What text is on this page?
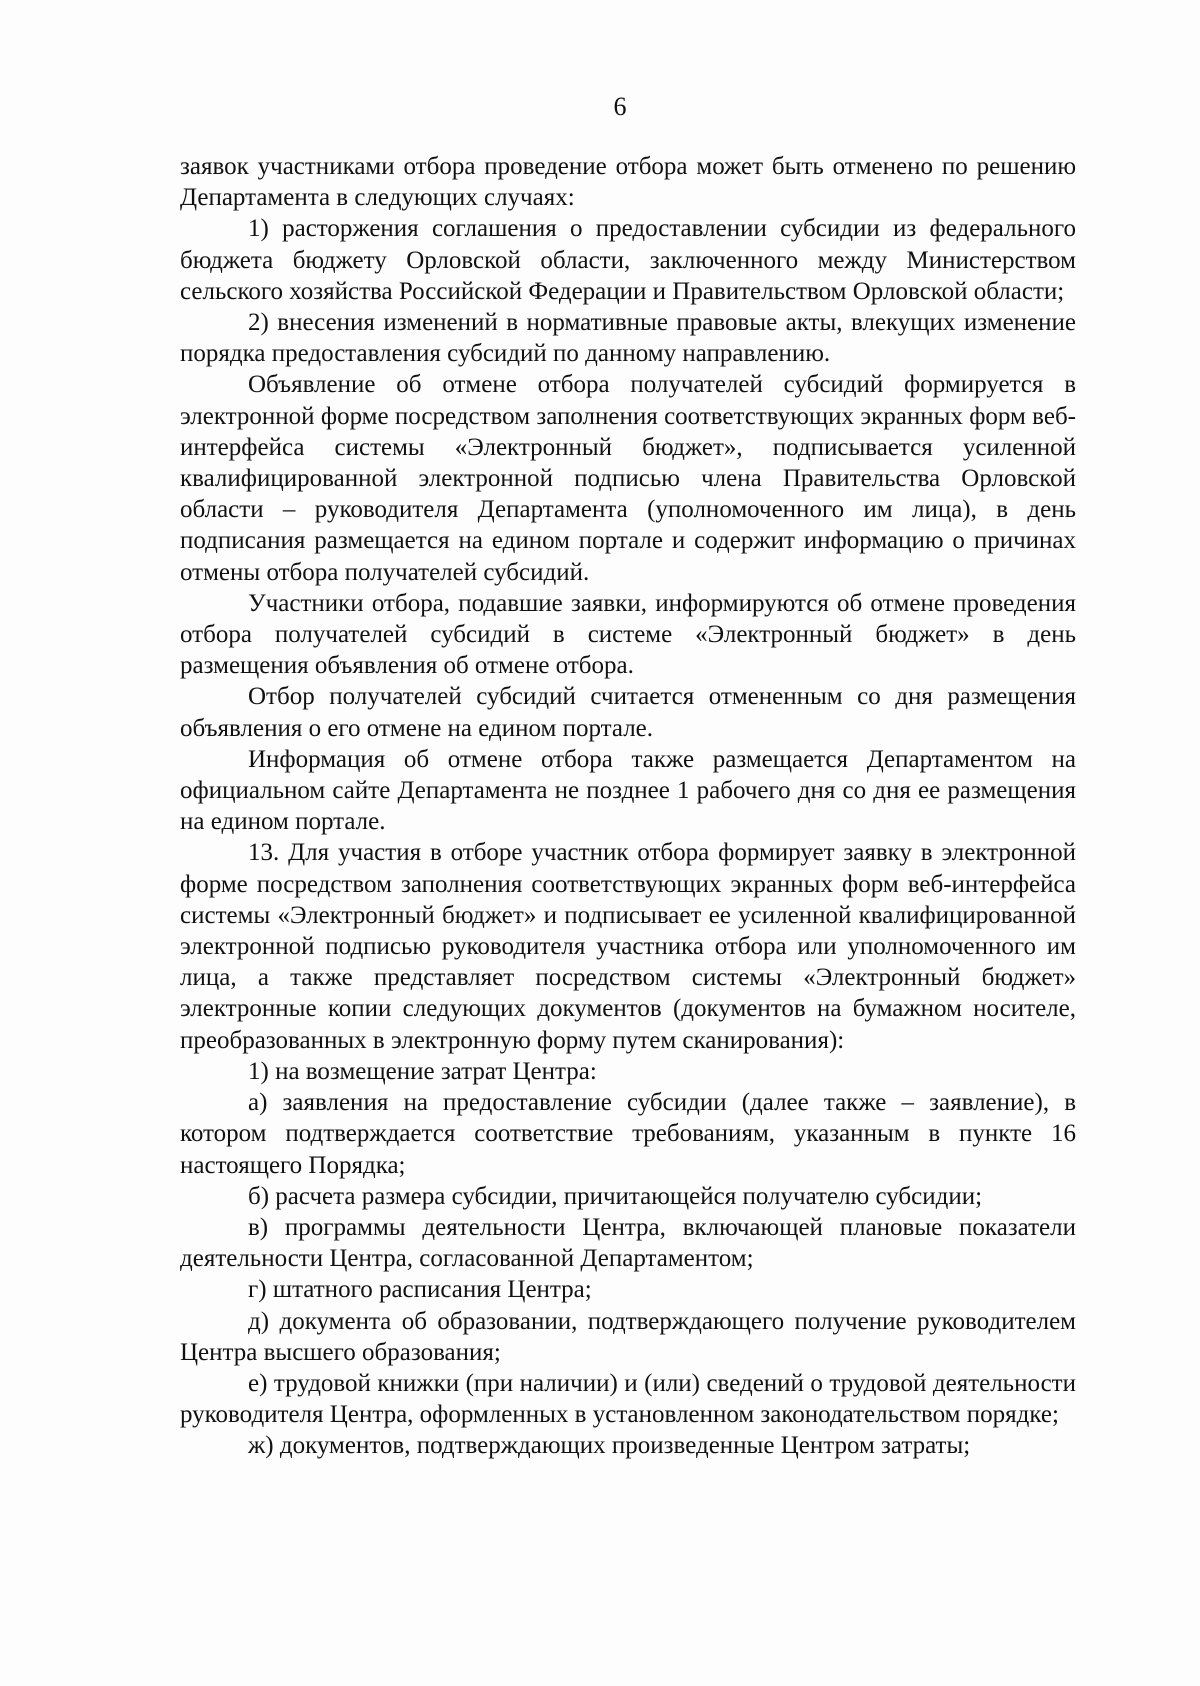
6

заявок участниками отбора проведение отбора может быть отменено по решению Департамента в следующих случаях:

1) расторжения соглашения о предоставлении субсидии из федерального бюджета бюджету Орловской области, заключенного между Министерством сельского хозяйства Российской Федерации и Правительством Орловской области;

2) внесения изменений в нормативные правовые акты, влекущих изменение порядка предоставления субсидий по данному направлению.

Объявление об отмене отбора получателей субсидий формируется в электронной форме посредством заполнения соответствующих экранных форм веб-интерфейса системы «Электронный бюджет», подписывается усиленной квалифицированной электронной подписью члена Правительства Орловской области – руководителя Департамента (уполномоченного им лица), в день подписания размещается на едином портале и содержит информацию о причинах отмены отбора получателей субсидий.

Участники отбора, подавшие заявки, информируются об отмене проведения отбора получателей субсидий в системе «Электронный бюджет» в день размещения объявления об отмене отбора.

Отбор получателей субсидий считается отмененным со дня размещения объявления о его отмене на едином портале.

Информация об отмене отбора также размещается Департаментом на официальном сайте Департамента не позднее 1 рабочего дня со дня ее размещения на едином портале.

13. Для участия в отборе участник отбора формирует заявку в электронной форме посредством заполнения соответствующих экранных форм веб-интерфейса системы «Электронный бюджет» и подписывает ее усиленной квалифицированной электронной подписью руководителя участника отбора или уполномоченного им лица, а также представляет посредством системы «Электронный бюджет» электронные копии следующих документов (документов на бумажном носителе, преобразованных в электронную форму путем сканирования):

1) на возмещение затрат Центра:

а) заявления на предоставление субсидии (далее также – заявление), в котором подтверждается соответствие требованиям, указанным в пункте 16 настоящего Порядка;

б) расчета размера субсидии, причитающейся получателю субсидии;

в) программы деятельности Центра, включающей плановые показатели деятельности Центра, согласованной Департаментом;

г) штатного расписания Центра;

д) документа об образовании, подтверждающего получение руководителем Центра высшего образования;

е) трудовой книжки (при наличии) и (или) сведений о трудовой деятельности руководителя Центра, оформленных в установленном законодательством порядке;

ж) документов, подтверждающих произведенные Центром затраты;
